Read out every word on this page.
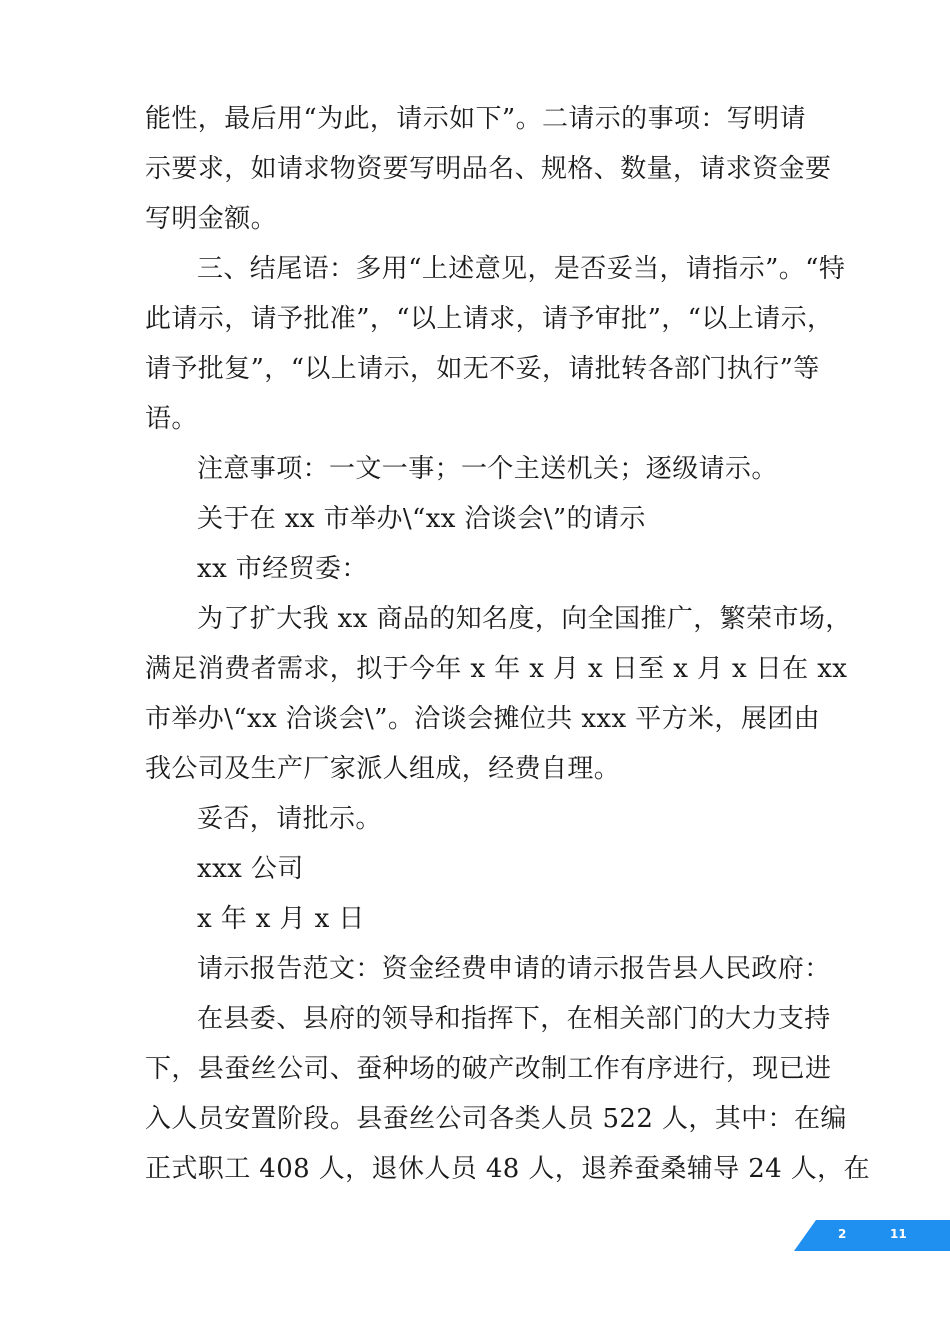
能性，最后用“为此，请示如下”。二请示的事项：写明请
示要求，如请求物资要写明品名、规格、数量，请求资金要
写明金额。
三、结尾语：多用“上述意见，是否妥当，请指示”。“特
此请示，请予批准”，“以上请求，请予审批”，“以上请示，
请予批复”，“以上请示，如无不妥，请批转各部门执行”等
语。
注意事项：一文一事；一个主送机关；逐级请示。
关于在 xx 市举办\“xx 洽谈会\”的请示
xx 市经贸委：
为了扩大我 xx 商品的知名度，向全国推广，繁荣市场，
满足消费者需求，拟于今年 x 年 x 月 x 日至 x 月 x 日在 xx
市举办\“xx 洽谈会\”。洽谈会摊位共 xxx 平方米，展团由
我公司及生产厂家派人组成，经费自理。
妥否，请批示。
xxx 公司
x 年 x 月 x 日
请示报告范文：资金经费申请的请示报告县人民政府：
在县委、县府的领导和指挥下，在相关部门的大力支持
下，县蚕丝公司、蚕种场的破产改制工作有序进行，现已进
入人员安置阶段。县蚕丝公司各类人员 522 人，其中：在编
正式职工 408 人，退休人员 48 人，退养蚕桑辅导 24 人，在
2	11
